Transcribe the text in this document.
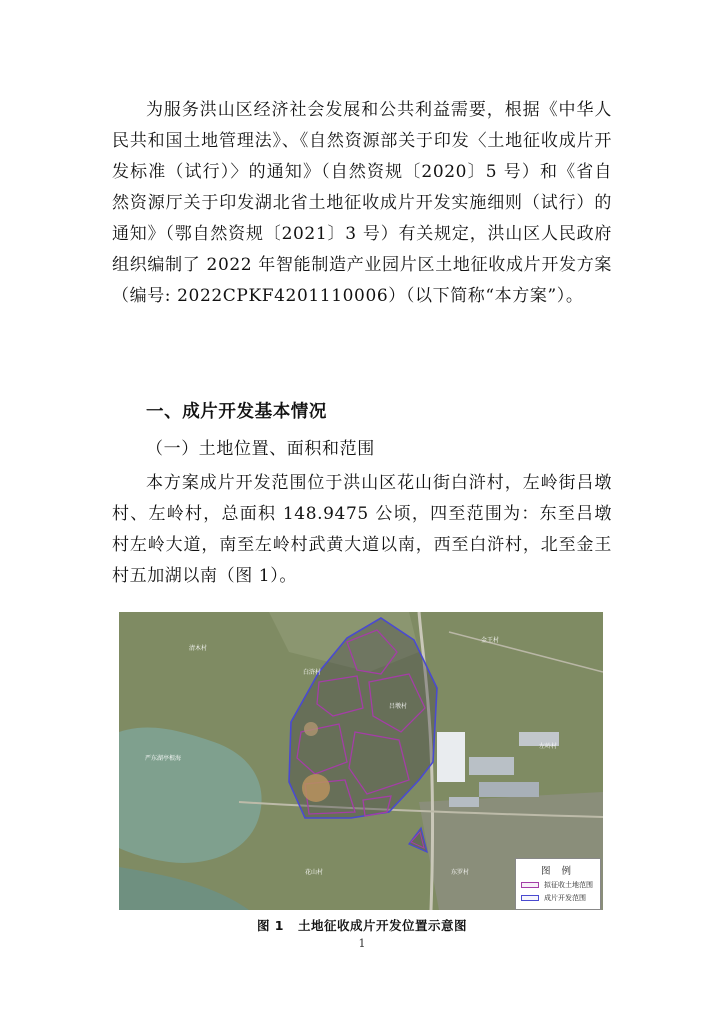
为服务洪山区经济社会发展和公共利益需要，根据《中华人民共和国土地管理法》、《自然资源部关于印发〈土地征收成片开发标准（试行）〉的通知》（自然资规〔2020〕5 号）和《省自然资源厅关于印发湖北省土地征收成片开发实施细则（试行）的通知》（鄂自然资规〔2021〕3 号）有关规定，洪山区人民政府组织编制了 2022 年智能制造产业园片区土地征收成片开发方案（编号: 2022CPKF4201110006）（以下简称“本方案”）。

一、成片开发基本情况
（一）土地位置、面积和范围

本方案成片开发范围位于洪山区花山街白浒村，左岭街吕墩村、左岭村，总面积 148.9475 公顷，四至范围为：东至吕墩村左岭大道，南至左岭村武黄大道以南，西至白浒村，北至金王村五加湖以南（图 1）。

清木村
白浒村
金王村
严东湖亭根海
吕墩村
左岭村
花山村	东罗村	图 例
拟征收土地范围
成片开发范围
图 1 土地征收成片开发位置示意图
1
